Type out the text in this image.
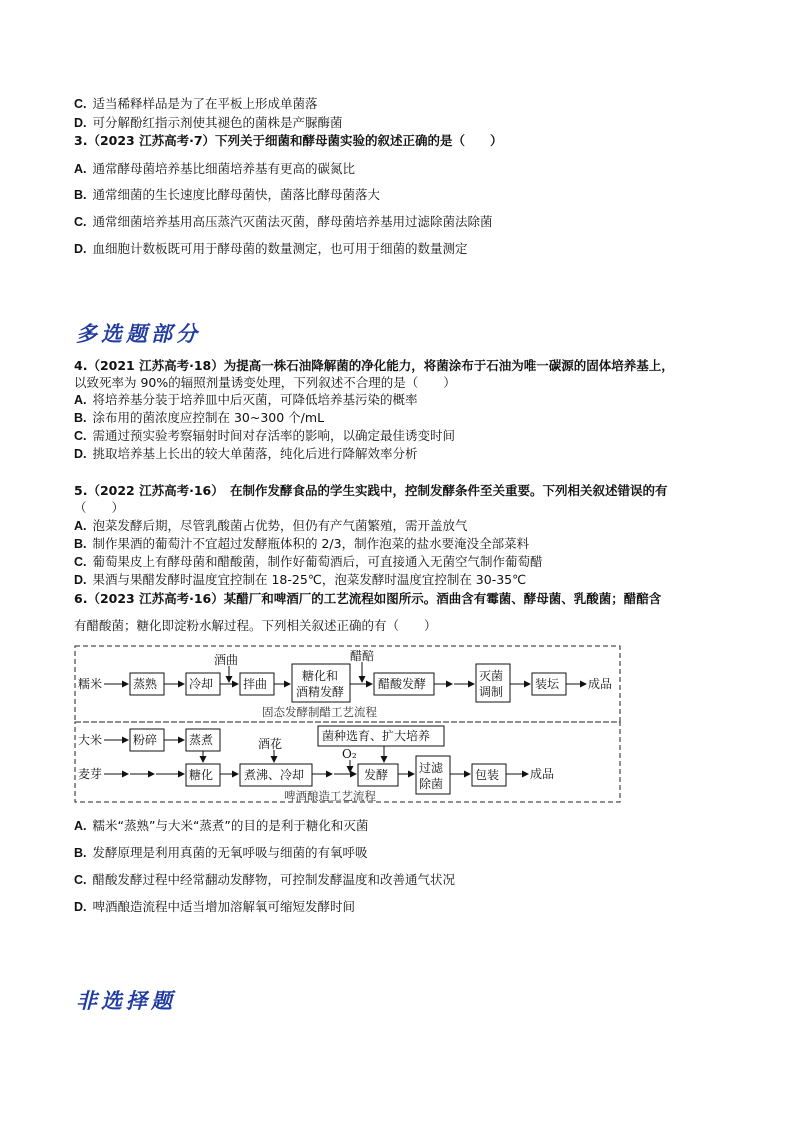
C. 适当稀释样品是为了在平板上形成单菌落
D. 可分解酚红指示剂使其褪色的菌株是产脲酶菌
3.（2023 江苏高考·7）下列关于细菌和酵母菌实验的叙述正确的是（　　）
A. 通常酵母菌培养基比细菌培养基有更高的碳氮比
B. 通常细菌的生长速度比酵母菌快，菌落比酵母菌落大
C. 通常细菌培养基用高压蒸汽灭菌法灭菌，酵母菌培养基用过滤除菌法除菌
D. 血细胞计数板既可用于酵母菌的数量测定，也可用于细菌的数量测定
多选题部分
4.（2021 江苏高考·18）为提高一株石油降解菌的净化能力，将菌涂布于石油为唯一碳源的固体培养基上，
以致死率为 90%的辐照剂量诱变处理，下列叙述不合理的是（　　）
A. 将培养基分装于培养皿中后灭菌，可降低培养基污染的概率
B. 涂布用的菌浓度应控制在 30~300 个/mL
C. 需通过预实验考察辐射时间对存活率的影响，以确定最佳诱变时间
D. 挑取培养基上长出的较大单菌落，纯化后进行降解效率分析
5.（2022 江苏高考·16）　在制作发酵食品的学生实践中，控制发酵条件至关重要。下列相关叙述错误的有
（　　）
A. 泡菜发酵后期，尽管乳酸菌占优势，但仍有产气菌繁殖，需开盖放气
B. 制作果酒的葡萄汁不宜超过发酵瓶体积的 2/3，制作泡菜的盐水要淹没全部菜料
C. 葡萄果皮上有酵母菌和醋酸菌，制作好葡萄酒后，可直接通入无菌空气制作葡萄醋
D. 果酒与果醋发酵时温度宜控制在 18-25℃，泡菜发酵时温度宜控制在 30-35℃
6.（2023 江苏高考·16）某醋厂和啤酒厂的工艺流程如图所示。酒曲含有霉菌、酵母菌、乳酸菌；醋醅含
有醋酸菌；糖化即淀粉水解过程。下列相关叙述正确的有（　　）
糯米	蒸熟	冷却
酒曲
拌曲
糖化和
酒精发酵
醋醅
醋酸发酵
灭菌
调制
装坛 成品
固态发酵制醋工艺流程
大米	粉碎	蒸煮
麦芽	糖化	煮沸、冷却
酒花
菌种选育、扩大培养
O₂
发酵	过滤
除菌
包装	成品
啤酒酿造工艺流程
A. 糯米“蒸熟”与大米“蒸煮”的目的是利于糖化和灭菌
B. 发酵原理是利用真菌的无氧呼吸与细菌的有氧呼吸
C. 醋酸发酵过程中经常翻动发酵物，可控制发酵温度和改善通气状况
D. 啤酒酿造流程中适当增加溶解氧可缩短发酵时间
非选择题
